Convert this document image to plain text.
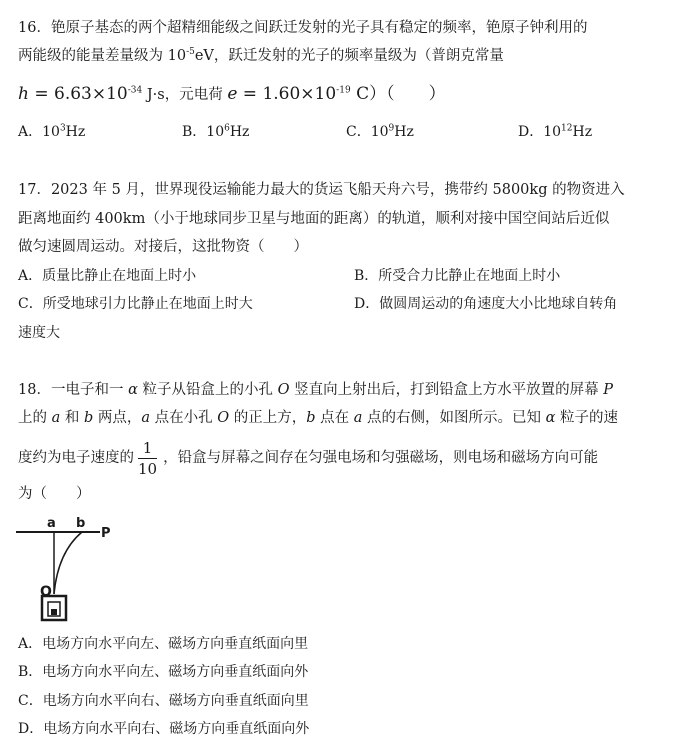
16．铯原子基态的两个超精细能级之间跃迁发射的光子具有稳定的频率，铯原子钟利用的
两能级的能量差量级为 $10^{-5}eV$，跃迁发射的光子的频率量级为（普朗克常量
$h = 6.63\times 10^{-34}$ J·s，元电荷 $e = 1.60\times 10^{-19}$ C）（　　）
A．$10^3Hz$	B．$10^6Hz$	C．$10^9Hz$	D．$10^{12}Hz$
17．2023 年 5 月，世界现役运输能力最大的货运飞船天舟六号，携带约 5800kg 的物资进入
距离地面约 400km（小于地球同步卫星与地面的距离）的轨道，顺利对接中国空间站后近似
做匀速圆周运动。对接后，这批物资（　　）
A．质量比静止在地面上时小	B．所受合力比静止在地面上时小
C．所受地球引力比静止在地面上时大	D．做圆周运动的角速度大小比地球自转角
速度大
18．一电子和一 α 粒子从铅盒上的小孔 O 竖直向上射出后，打到铅盒上方水平放置的屏幕 P
上的 a 和 b 两点，a 点在小孔 O 的正上方，b 点在 a 点的右侧，如图所示。已知 α 粒子的速
度约为电子速度的 $\frac{1}{10}$ ，铅盒与屏幕之间存在匀强电场和匀强磁场，则电场和磁场方向可能
为（　　）
a b
P
O
A．电场方向水平向左、磁场方向垂直纸面向里
B．电场方向水平向左、磁场方向垂直纸面向外
C．电场方向水平向右、磁场方向垂直纸面向里
D．电场方向水平向右、磁场方向垂直纸面向外
